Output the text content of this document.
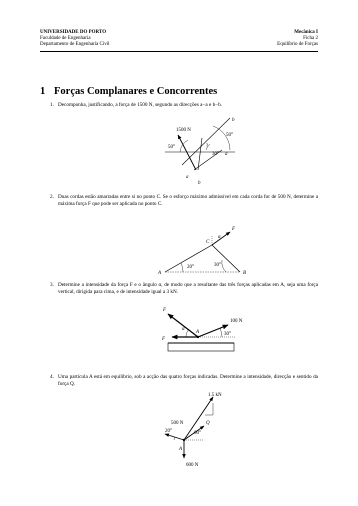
UNIVERSIDADE DO PORTO
Faculdade de Engenharia
Departamento de Engenharia Civil
Mecânica I
Ficha 2
Equilíbrio de Forças
1 Forças Complanares e Concorrentes
1. Decomponha, justificando, a força de 1500 N, segundo as direcções a−a e b−b.
2. Duas cordas estão amarradas entre si no ponto C. Se o esforço máximo admissível em cada corda for de 500 N, determine a máxima força F que pode ser aplicada no ponto C.
3. Determine a intensidade da força F e o ângulo α, de modo que a resultante das três forças aplicadas em A, seja uma força vertical, dirigida para cima, e de intensidade igual a 3 kN.
4. Uma partícula A está em equilíbrio, sob a acção das quatro forças indicadas. Determine a intensidade, direcção e sentido da força Q.
1500 N
b
b
a
a
50°
50°
30°
?
A	B
C
F
α
20°	30°
F
F
100 N
A
α
30°
1.5 kN
500 N
600 N
Q
A
20°	60°
